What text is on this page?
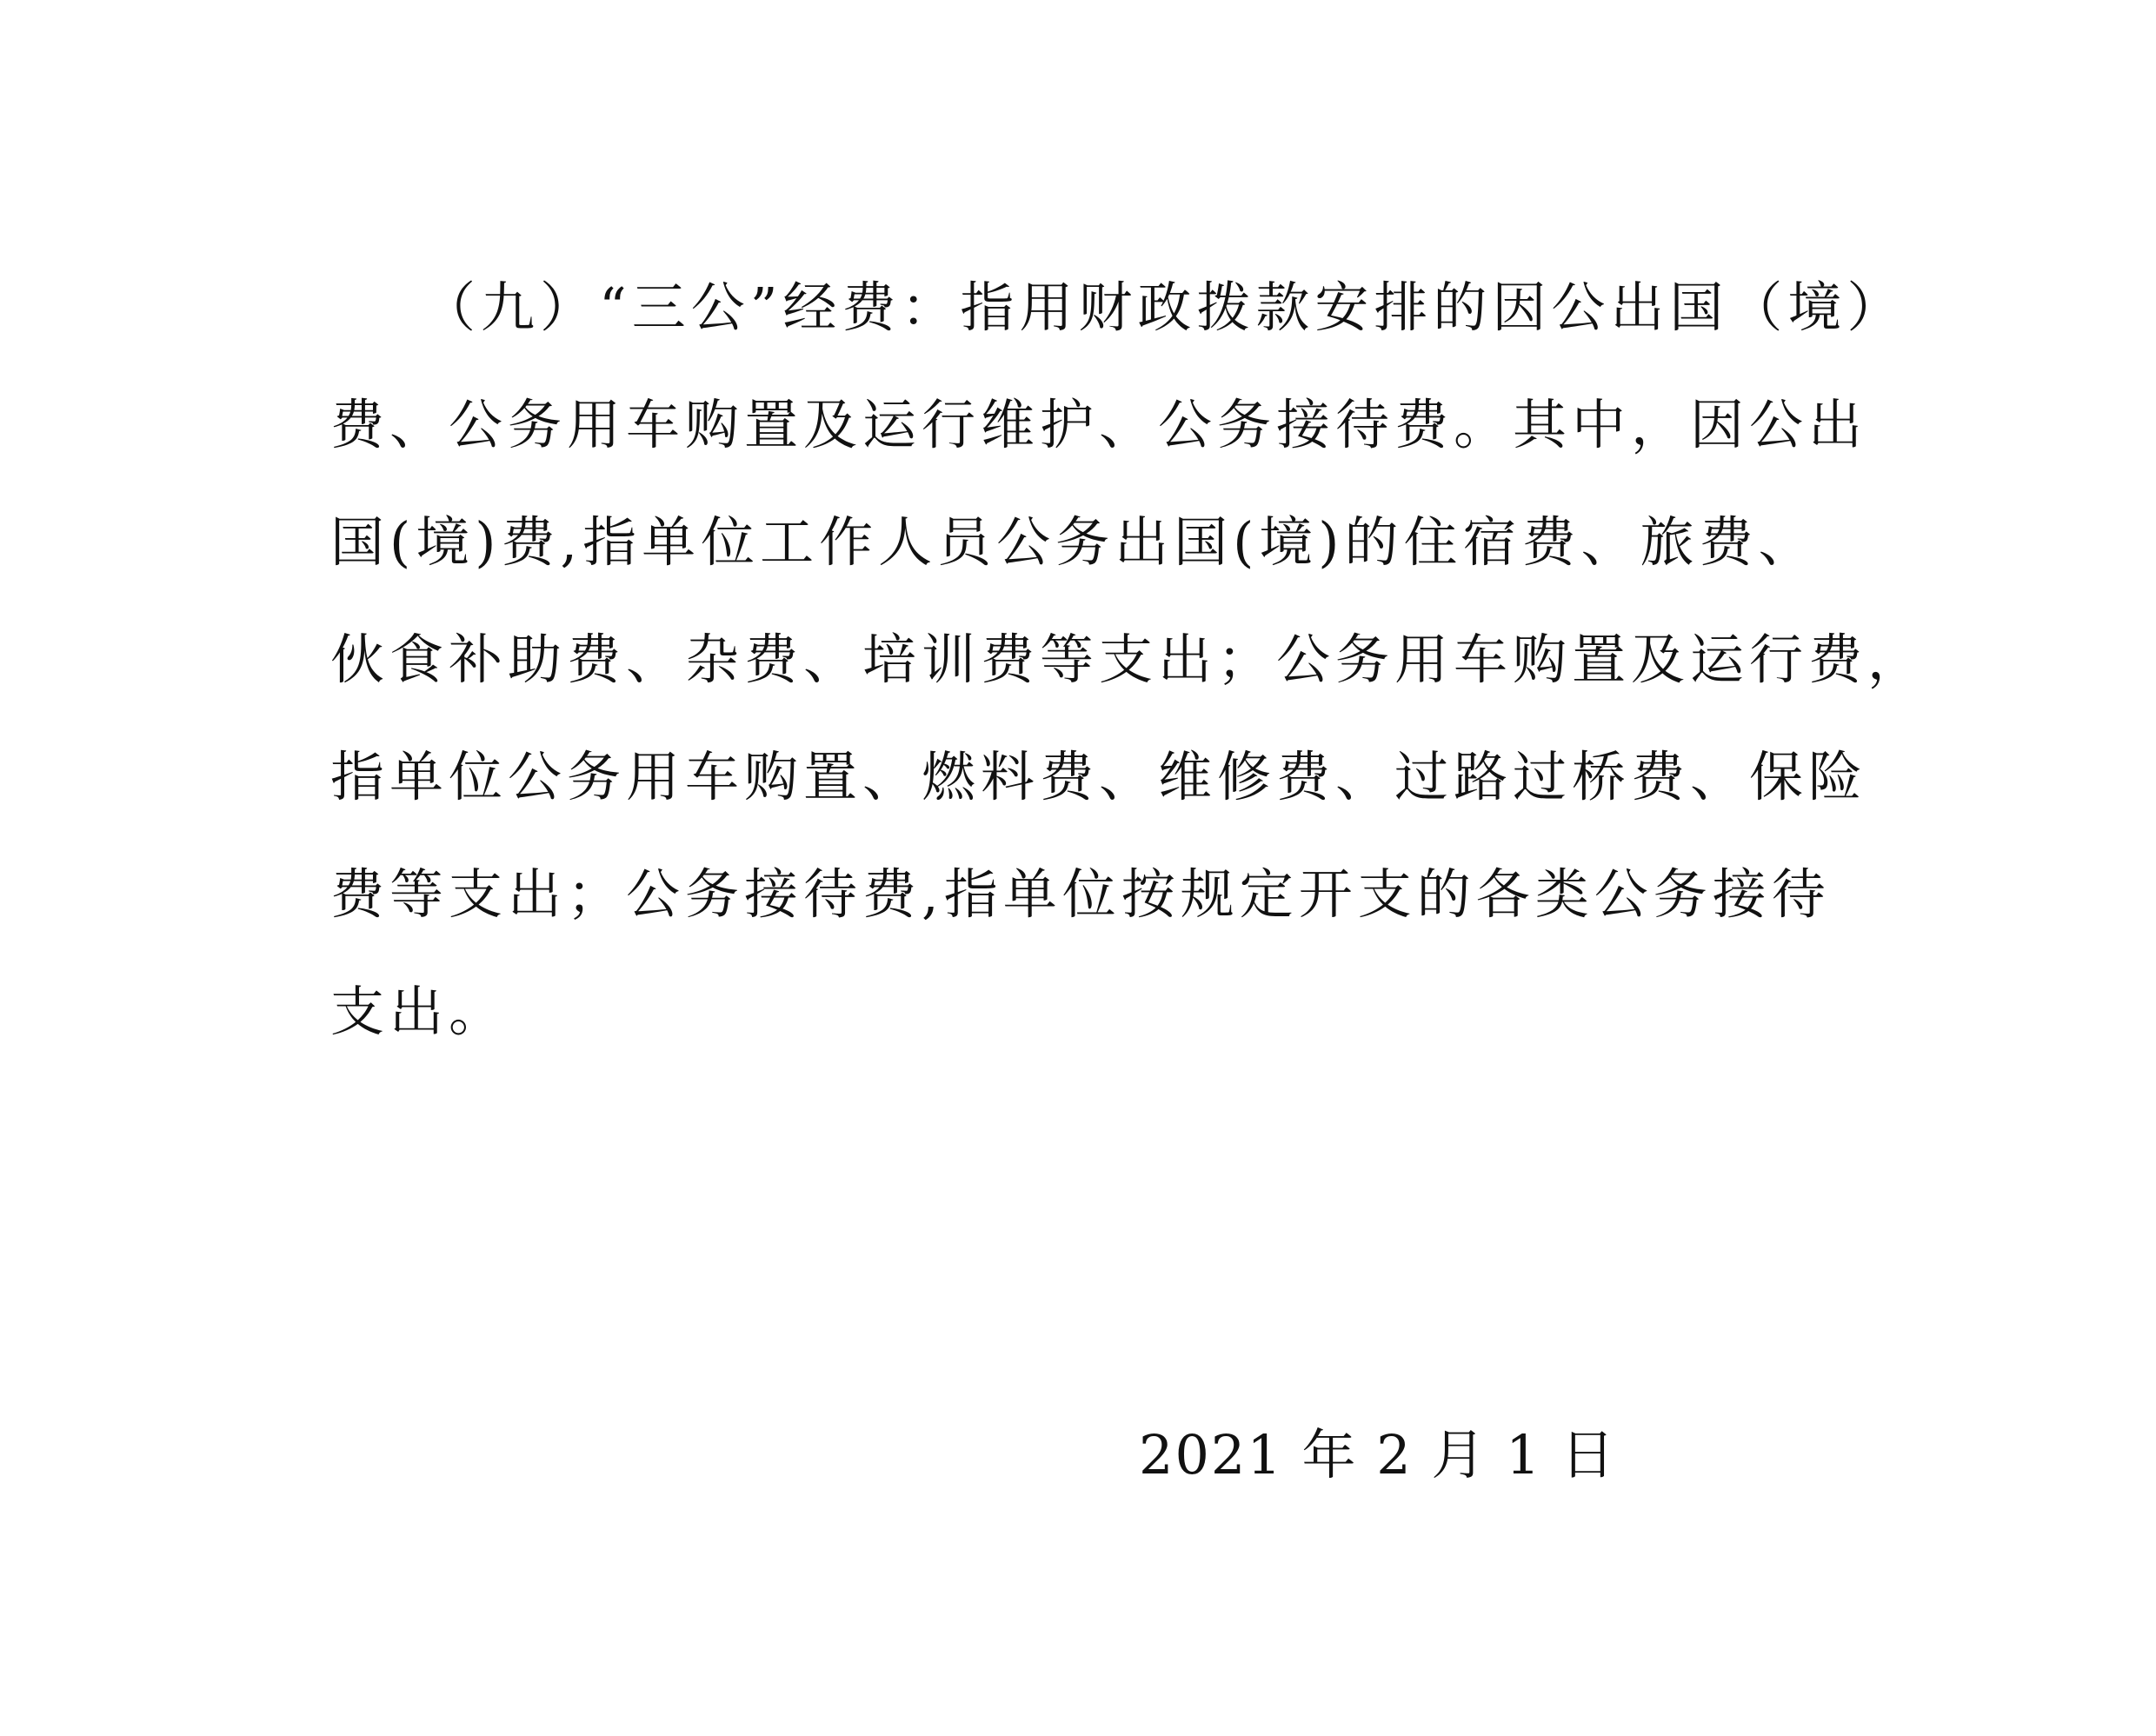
　　（九）“三公”经费：指用财政拨款安排的因公出国（境）
费、公务用车购置及运行维护、公务接待费。其中，因公出
国(境)费,指单位工作人员公务出国(境)的住宿费、旅费、
伙食补助费、杂费、培训费等支出；公务用车购置及运行费，
指单位公务用车购置、燃料费、维修费、过路过桥费、保险
费等支出；公务接待费,指单位按规定开支的各类公务接待
支出。
2021 年 2 月 1 日
